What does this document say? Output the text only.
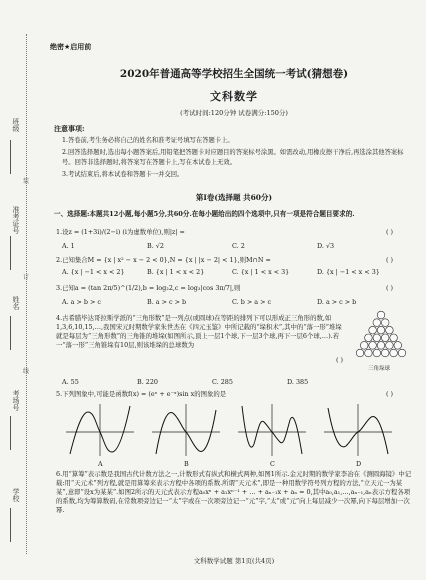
班级
准考证号
姓名
考场号
学校
装
订
线
绝密★启用前
2020年普通高等学校招生全国统一考试(猜想卷)
文科数学
(考试时间:120分钟 试卷满分:150分)
注意事项:
1.答卷前,考生务必将自己的姓名和准考证号填写在答题卡上。
2.回答选择题时,选出每小题答案后,用铅笔把答题卡对应题目的答案标号涂黑。如需改动,用橡皮擦干净后,再选涂其他答案标号。回答非选择题时,将答案写在答题卡上,写在本试卷上无效。
3.考试结束后,将本试卷和答题卡一并交回。
第Ⅰ卷(选择题 共60分)
一、选择题:本题共12小题,每小题5分,共60分.在每小题给出的四个选项中,只有一项是符合题目要求的.
1.设z = (1+3i)/(2−i) (i为虚数单位),则|z| =	( )
A. 1	B. √2	C. 2	D. √3
2.已知集合M = {x | x² − x − 2 < 0},N = {x | |x − 2| < 1},则M∩N =	( )
A. {x | −1 < x < 2}	B. {x | 1 < x < 2}	C. {x | 1 < x < 3}	D. {x | −1 < x < 3}
3.已知a = (tan 2π/5)^(1/2),b = log₂2,c = log₃|cos 3π/7|,则	( )
A. a > b > c	B. a > c > b	C. b > a > c	D. a > c > b
4.古希腊毕达哥拉斯学派的“三角形数”是一列点(或圆球)在等距的排列下可以形成正三角形的数,如1,3,6,10,15,…,我国宋元时期数学家朱世杰在《四元玉鉴》中所记载的“垛积术”,其中的“落一形”堆垛就是每层为“三角形数”的三角锥的堆垛(如图所示,顶上一层1个球,下一层3个球,再下一层6个球,…).若一“落一形”三角锥垛有10层,则该堆垛的总球数为
( )
A. 55	B. 220	C. 285	D. 385
三角垛球
5.下列图象中,可能是函数f(x) = (eˣ + e⁻ˣ)sin x的图象的是	( )
A	B	C	D
6.用“算筹”表示数是我国古代计数方法之一,计数形式有纵式和横式两种,如图1所示.金元时期的数学家李冶在《测圆海镜》中记载:用“天元术”列方程,就是用算筹来表示方程中各项的系数.所谓“天元术”,即是一种用数学符号列方程的方法,“立天元一为某某”,意即“设x为某某”.如图2所示的天元式表示方程a₀xⁿ + a₁xⁿ⁻¹ + … + aₙ₋₁x + aₙ = 0,其中a₀,a₁,…,aₙ₋₁,aₙ表示方程各项的系数,均为筹算数码,在常数项旁边记一“太”字或在一次项旁边记一“元”字,“太”或“元”向上每层减少一次幂,向下每层增加一次幂.
文科数学试题 第1页(共4页)
